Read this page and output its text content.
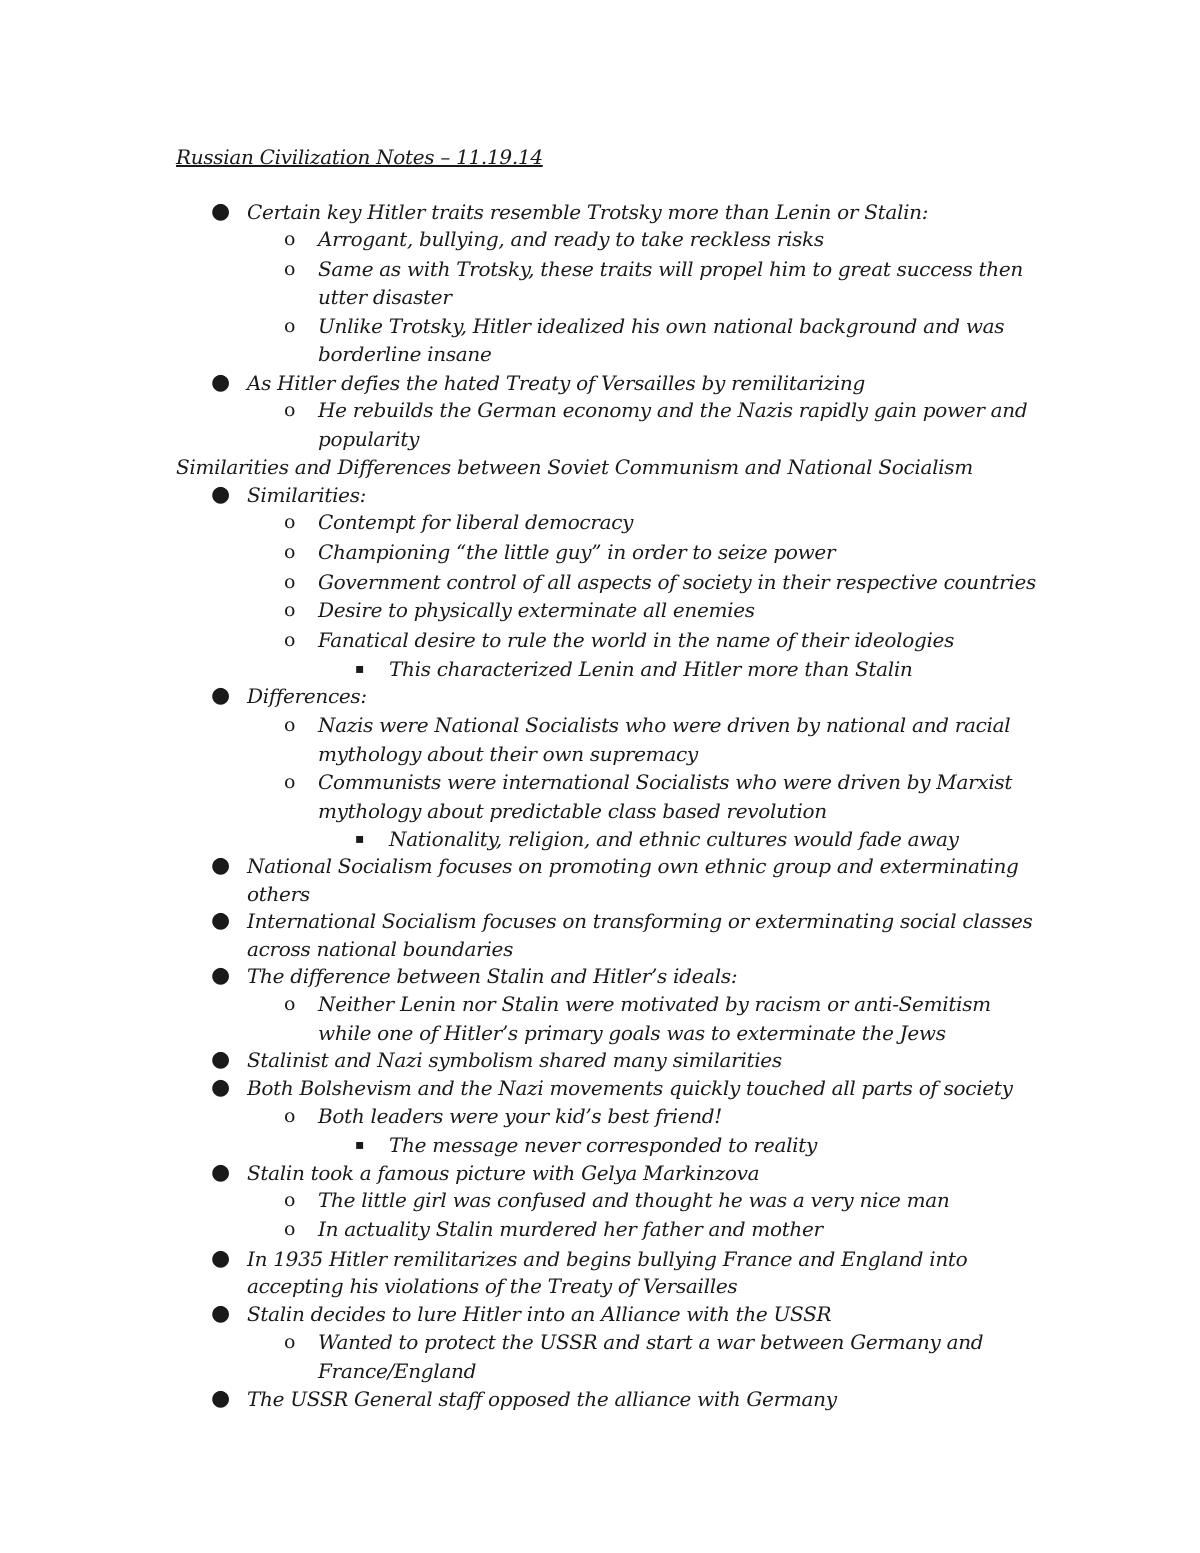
Russian Civilization Notes – 11.19.14
Similarities and Differences between Soviet Communism and National Socialism
● Certain key Hitler traits resemble Trotsky more than Lenin or Stalin:
o Arrogant, bullying, and ready to take reckless risks
o Same as with Trotsky, these traits will propel him to great success then
utter disaster
o Unlike Trotsky, Hitler idealized his own national background and was
borderline insane
● As Hitler defies the hated Treaty of Versailles by remilitarizing
o He rebuilds the German economy and the Nazis rapidly gain power and
popularity
● Similarities:
o Contempt for liberal democracy
o Championing “the little guy” in order to seize power
o Government control of all aspects of society in their respective countries
o Desire to physically exterminate all enemies
o Fanatical desire to rule the world in the name of their ideologies
▪ This characterized Lenin and Hitler more than Stalin
● Differences:
o Nazis were National Socialists who were driven by national and racial
mythology about their own supremacy
o Communists were international Socialists who were driven by Marxist
mythology about predictable class based revolution
▪ Nationality, religion, and ethnic cultures would fade away
● National Socialism focuses on promoting own ethnic group and exterminating
others
● International Socialism focuses on transforming or exterminating social classes
across national boundaries
● The difference between Stalin and Hitler’s ideals:
o Neither Lenin nor Stalin were motivated by racism or anti-Semitism
while one of Hitler’s primary goals was to exterminate the Jews
● Stalinist and Nazi symbolism shared many similarities
● Both Bolshevism and the Nazi movements quickly touched all parts of society
o Both leaders were your kid’s best friend!
▪ The message never corresponded to reality
● Stalin took a famous picture with Gelya Markinzova
o The little girl was confused and thought he was a very nice man
o In actuality Stalin murdered her father and mother
● In 1935 Hitler remilitarizes and begins bullying France and England into
accepting his violations of the Treaty of Versailles
● Stalin decides to lure Hitler into an Alliance with the USSR
o Wanted to protect the USSR and start a war between Germany and
France/England
● The USSR General staff opposed the alliance with Germany
